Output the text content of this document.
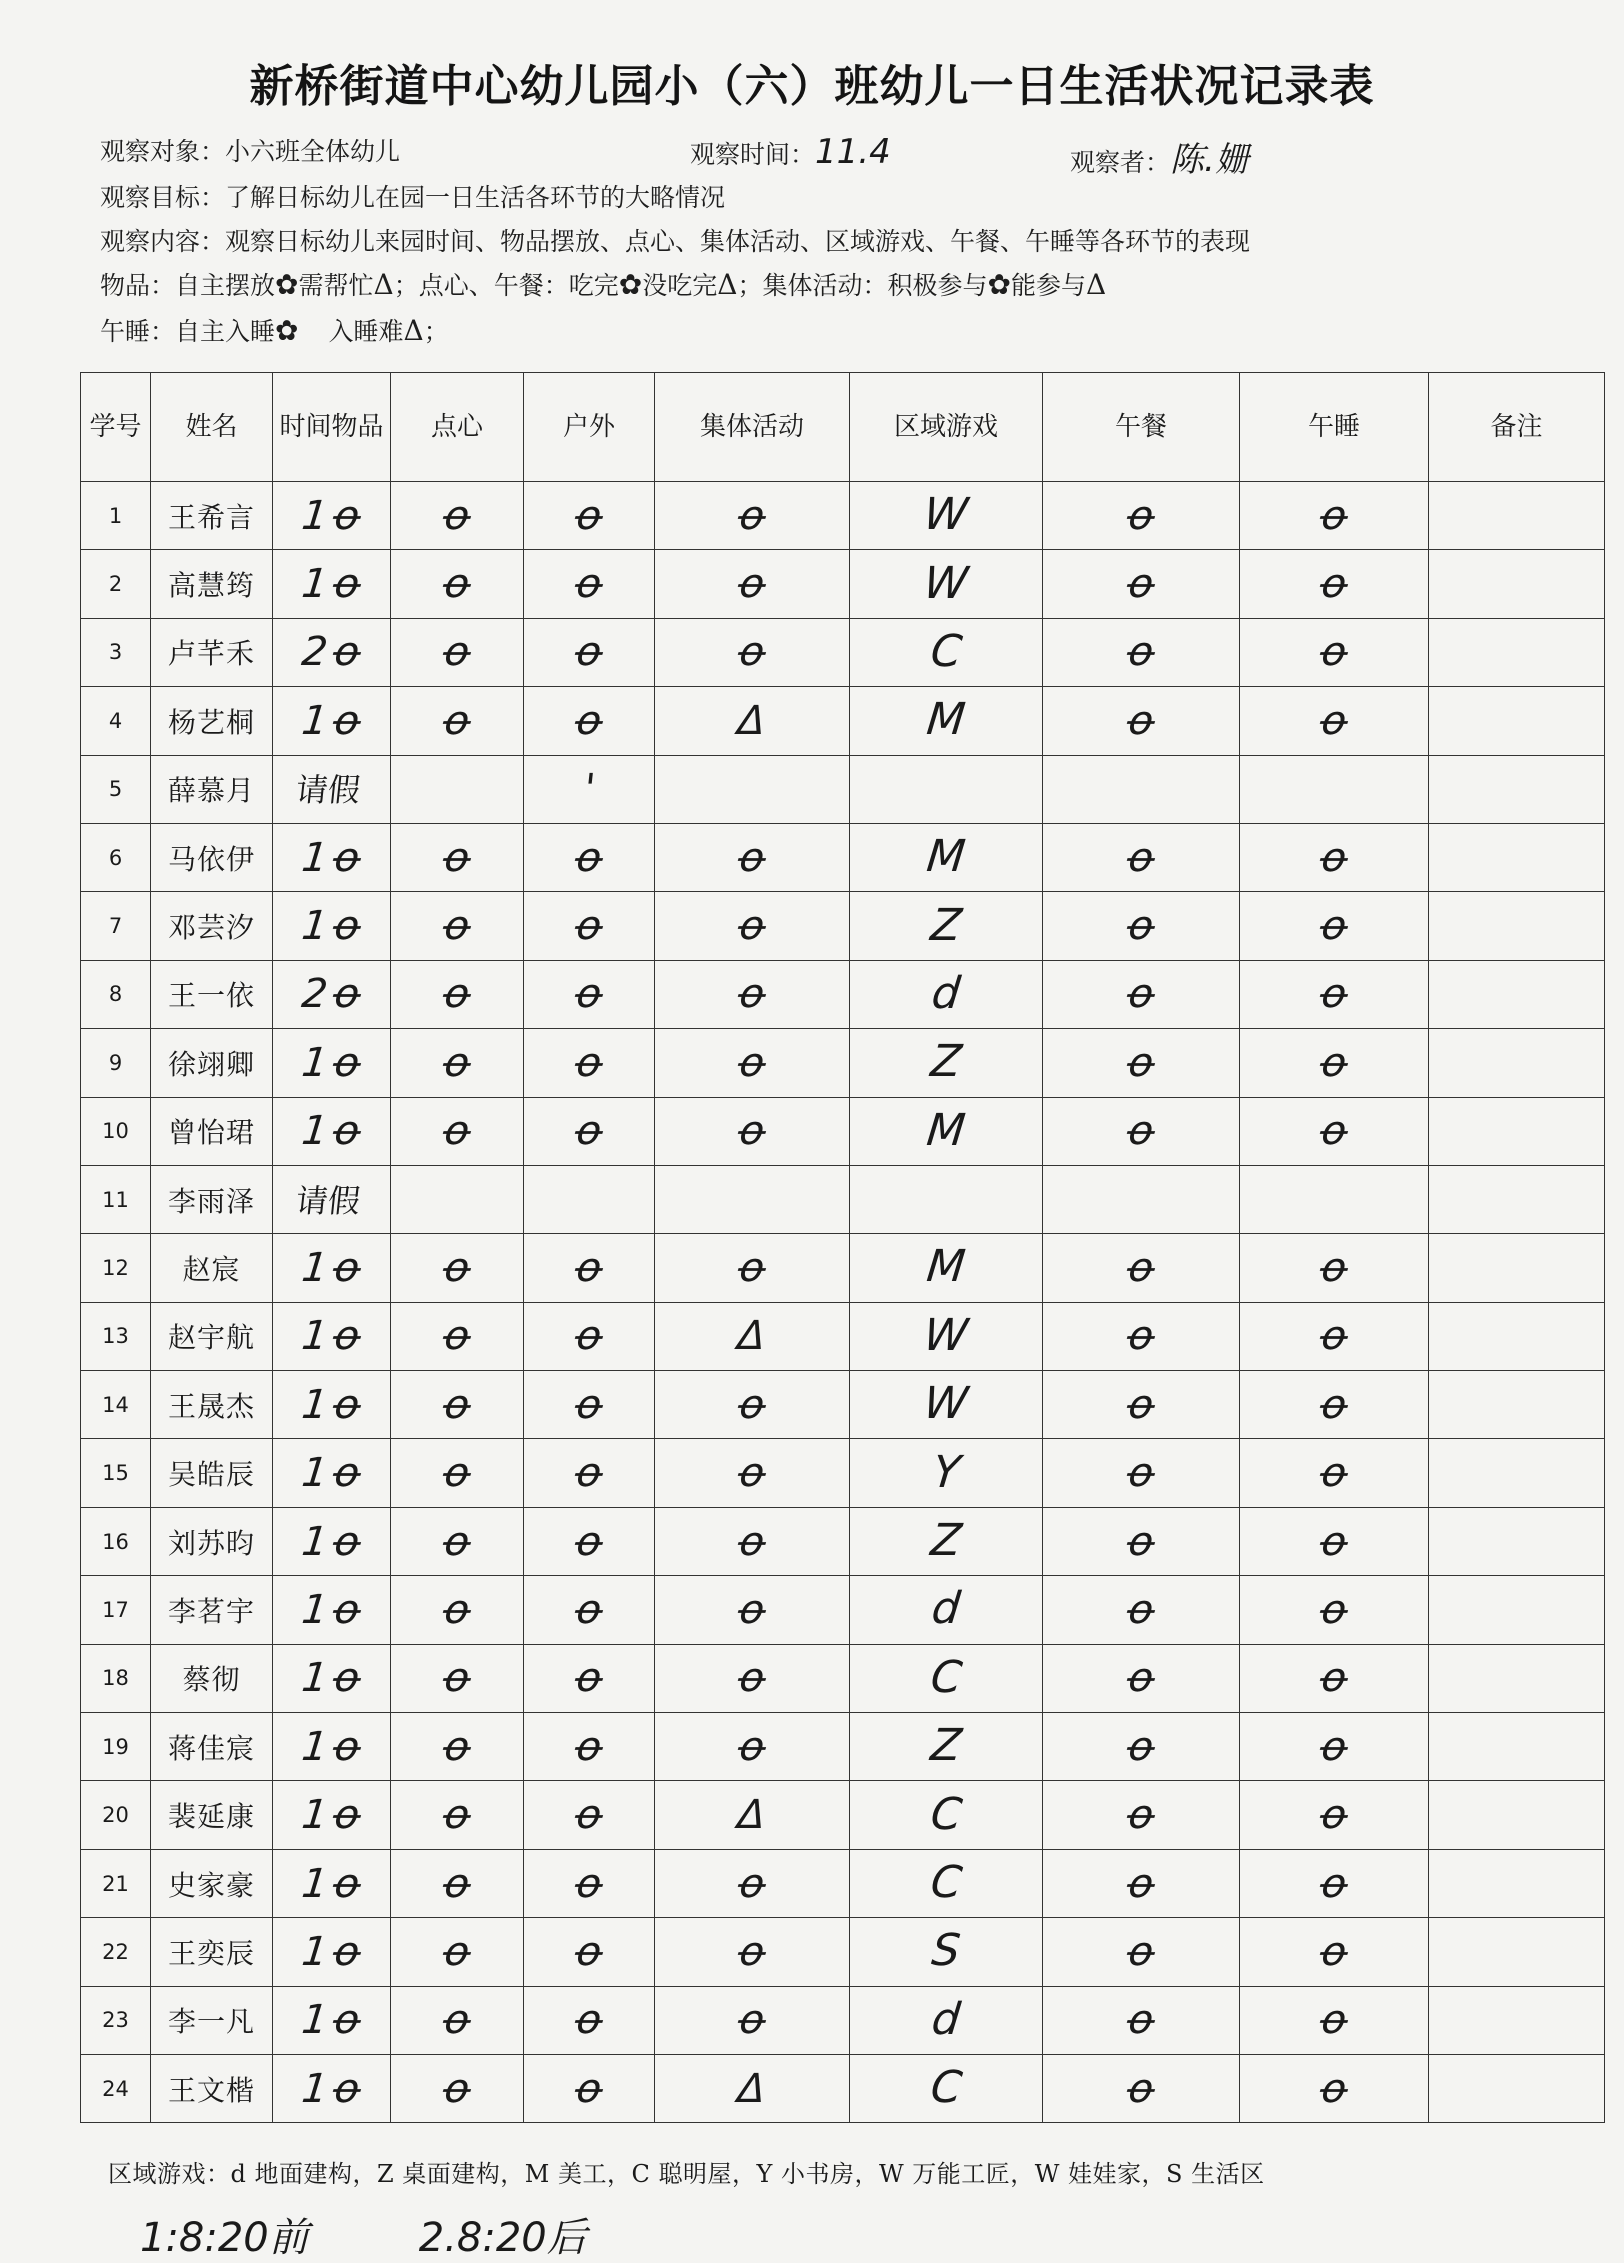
新桥街道中心幼儿园小（六）班幼儿一日生活状况记录表
观察对象：小六班全体幼儿	观察时间：11.4	观察者：陈.姗
观察目标：了解日标幼儿在园一日生活各环节的大略情况
观察内容：观察日标幼儿来园时间、物品摆放、点心、集体活动、区域游戏、午餐、午睡等各环节的表现
物品：自主摆放✿需帮忙Δ；点心、午餐：吃完✿没吃完Δ；集体活动：积极参与✿能参与Δ
午睡：自主入睡✿ 入睡难Δ；
学号	姓名	时间物品	点心	户外	集体活动	区域游戏	午餐	午睡	备注
1	王希言	1ꝋ	ꝋ	ꝋ	ꝋ	W	ꝋ	ꝋ	
2	高慧筠	1ꝋ	ꝋ	ꝋ	ꝋ	W	ꝋ	ꝋ	
3	卢芊禾	2ꝋ	ꝋ	ꝋ	ꝋ	C	ꝋ	ꝋ	
4	杨艺桐	1ꝋ	ꝋ	ꝋ	Δ	M	ꝋ	ꝋ	
5	薛慕月	请假		'					
6	马依伊	1ꝋ	ꝋ	ꝋ	ꝋ	M	ꝋ	ꝋ	
7	邓芸汐	1ꝋ	ꝋ	ꝋ	ꝋ	Z	ꝋ	ꝋ	
8	王一依	2ꝋ	ꝋ	ꝋ	ꝋ	d	ꝋ	ꝋ	
9	徐翊卿	1ꝋ	ꝋ	ꝋ	ꝋ	Z	ꝋ	ꝋ	
10	曾怡珺	1ꝋ	ꝋ	ꝋ	ꝋ	M	ꝋ	ꝋ	
11	李雨泽	请假							
12	赵宸	1ꝋ	ꝋ	ꝋ	ꝋ	M	ꝋ	ꝋ	
13	赵宇航	1ꝋ	ꝋ	ꝋ	Δ	W	ꝋ	ꝋ	
14	王晟杰	1ꝋ	ꝋ	ꝋ	ꝋ	W	ꝋ	ꝋ	
15	吴皓辰	1ꝋ	ꝋ	ꝋ	ꝋ	Y	ꝋ	ꝋ	
16	刘苏昀	1ꝋ	ꝋ	ꝋ	ꝋ	Z	ꝋ	ꝋ	
17	李茗宇	1ꝋ	ꝋ	ꝋ	ꝋ	d	ꝋ	ꝋ	
18	蔡彻	1ꝋ	ꝋ	ꝋ	ꝋ	C	ꝋ	ꝋ	
19	蒋佳宸	1ꝋ	ꝋ	ꝋ	ꝋ	Z	ꝋ	ꝋ	
20	裴延康	1ꝋ	ꝋ	ꝋ	Δ	C	ꝋ	ꝋ	
21	史家豪	1ꝋ	ꝋ	ꝋ	ꝋ	C	ꝋ	ꝋ	
22	王奕辰	1ꝋ	ꝋ	ꝋ	ꝋ	S	ꝋ	ꝋ	
23	李一凡	1ꝋ	ꝋ	ꝋ	ꝋ	d	ꝋ	ꝋ	
24	王文楷	1ꝋ	ꝋ	ꝋ	Δ	C	ꝋ	ꝋ	
区域游戏：d 地面建构，Z 桌面建构，M 美工，C 聪明屋，Y 小书房，W 万能工匠，W 娃娃家，S 生活区
1:8:20前	2.8:20后
